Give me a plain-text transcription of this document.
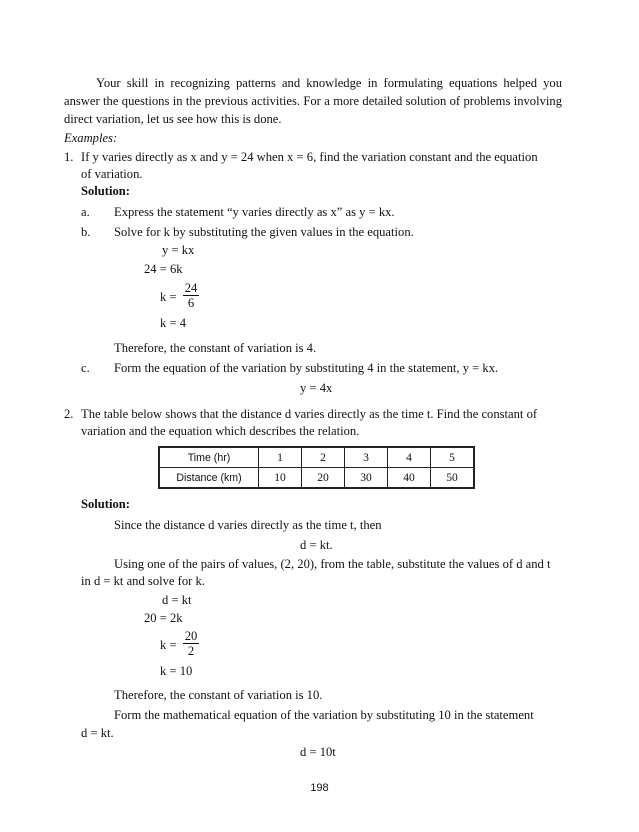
Your skill in recognizing patterns and knowledge in formulating equations helped you answer the questions in the previous activities. For a more detailed solution of problems involving direct variation, let us see how this is done.
Examples:
1. If y varies directly as x and y = 24 when x = 6, find the variation constant and the equation
of variation.
Solution:
a. Express the statement “y varies directly as x” as y = kx.
b. Solve for k by substituting the given values in the equation.
y = kx
24 = 6k
$k = \frac{24}{6}$
k = 4
Therefore, the constant of variation is 4.
c. Form the equation of the variation by substituting 4 in the statement, y = kx.
y = 4x
2. The table below shows that the distance d varies directly as the time t. Find the constant of
variation and the equation which describes the relation.
Time (hr)	1	2	3	4	5
Distance (km)	10	20	30	40	50
Solution:
Since the distance d varies directly as the time t, then
d = kt.
Using one of the pairs of values, (2, 20), from the table, substitute the values of d and t
in d = kt and solve for k.
d = kt
20 = 2k
$k = \frac{20}{2}$
k = 10
Therefore, the constant of variation is 10.
Form the mathematical equation of the variation by substituting 10 in the statement
d = kt.
d = 10t
198
